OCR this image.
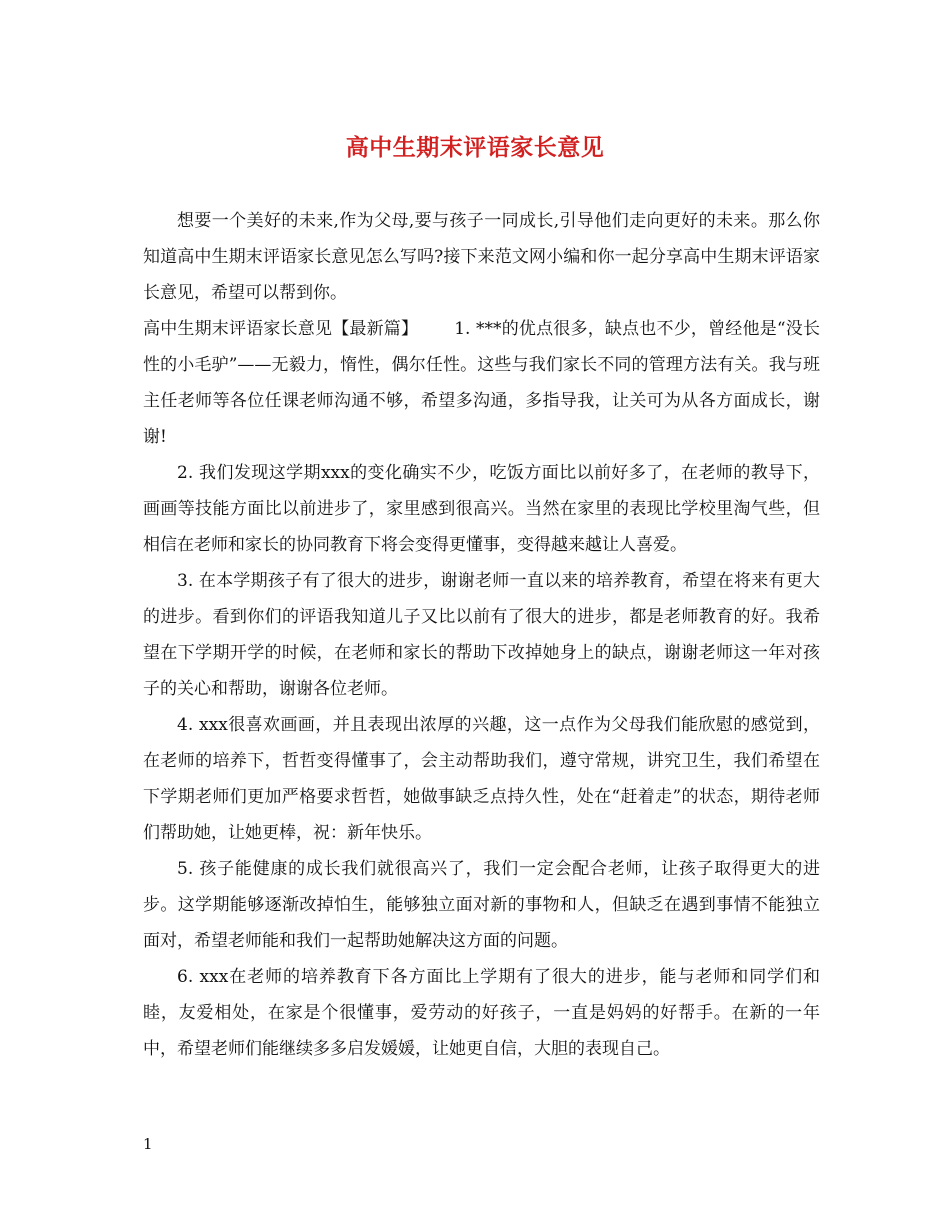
高中生期末评语家长意见

想要一个美好的未来,作为父母,要与孩子一同成长,引导他们走向更好的未来。那么你知道高中生期末评语家长意见怎么写吗?接下来范文网小编和你一起分享高中生期末评语家长意见，希望可以帮到你。

高中生期末评语家长意见【最新篇】 1. ***的优点很多，缺点也不少，曾经他是“没长性的小毛驴”——无毅力，惰性，偶尔任性。这些与我们家长不同的管理方法有关。我与班主任老师等各位任课老师沟通不够，希望多沟通，多指导我，让关可为从各方面成长，谢谢!

2. 我们发现这学期xxx的变化确实不少，吃饭方面比以前好多了，在老师的教导下，画画等技能方面比以前进步了，家里感到很高兴。当然在家里的表现比学校里淘气些，但相信在老师和家长的协同教育下将会变得更懂事，变得越来越让人喜爱。

3. 在本学期孩子有了很大的进步，谢谢老师一直以来的培养教育，希望在将来有更大的进步。看到你们的评语我知道儿子又比以前有了很大的进步，都是老师教育的好。我希望在下学期开学的时候，在老师和家长的帮助下改掉她身上的缺点，谢谢老师这一年对孩子的关心和帮助，谢谢各位老师。

4. xxx很喜欢画画，并且表现出浓厚的兴趣，这一点作为父母我们能欣慰的感觉到，在老师的培养下，哲哲变得懂事了，会主动帮助我们，遵守常规，讲究卫生，我们希望在下学期老师们更加严格要求哲哲，她做事缺乏点持久性，处在“赶着走”的状态，期待老师们帮助她，让她更棒，祝：新年快乐。

5. 孩子能健康的成长我们就很高兴了，我们一定会配合老师，让孩子取得更大的进步。这学期能够逐渐改掉怕生，能够独立面对新的事物和人，但缺乏在遇到事情不能独立面对，希望老师能和我们一起帮助她解决这方面的问题。

6. xxx在老师的培养教育下各方面比上学期有了很大的进步，能与老师和同学们和睦，友爱相处，在家是个很懂事，爱劳动的好孩子，一直是妈妈的好帮手。在新的一年中，希望老师们能继续多多启发媛媛，让她更自信，大胆的表现自己。

1
